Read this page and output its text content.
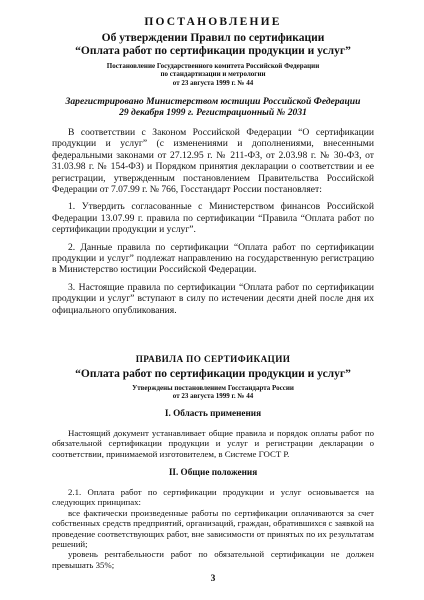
ПОСТАНОВЛЕНИЕ
Об утверждении Правил по сертификации
“Оплата работ по сертификации продукции и услуг”
Постановление Государственного комитета Российской Федерации
по стандартизации и метрологии
от 23 августа 1999 г. № 44
Зарегистрировано Министерством юстиции Российской Федерации
29 декабря 1999 г. Регистрационный № 2031

В соответствии с Законом Российской Федерации “О сертификации продукции и услуг” (с изменениями и дополнениями, внесенными федеральными законами от 27.12.95 г. № 211-ФЗ, от 2.03.98 г. № 30-ФЗ, от 31.03.98 г. № 154-ФЗ) и Порядком принятия декларации о соответствии и ее регистрации, утвержденным постановлением Правительства Российской Федерации от 7.07.99 г. № 766, Госстандарт России постановляет:

1. Утвердить согласованные с Министерством финансов Российской Федерации 13.07.99 г. правила по сертификации “Правила “Оплата работ по сертификации продукции и услуг”.

2. Данные правила по сертификации “Оплата работ по сертификации продукции и услуг” подлежат направлению на государственную регистрацию в Министерство юстиции Российской Федерации.

3. Настоящие правила по сертификации “Оплата работ по сертификации продукции и услуг” вступают в силу по истечении десяти дней после дня их официального опубликования.

ПРАВИЛА ПО СЕРТИФИКАЦИИ
“Оплата работ по сертификации продукции и услуг”
Утверждены постановлением Госстандарта России
от 23 августа 1999 г. № 44
I. Область применения

Настоящий документ устанавливает общие правила и порядок оплаты работ по обязательной сертификации продукции и услуг и регистрации декларации о соответствии, принимаемой изготовителем, в Системе ГОСТ Р.

II. Общие положения

2.1. Оплата работ по сертификации продукции и услуг основывается на следующих принципах:

все фактически произведенные работы по сертификации оплачиваются за счет собственных средств предприятий, организаций, граждан, обратившихся с заявкой на проведение соответствующих работ, вне зависимости от принятых по их результатам решений;

уровень рентабельности работ по обязательной сертификации не должен превышать 35%;

3
